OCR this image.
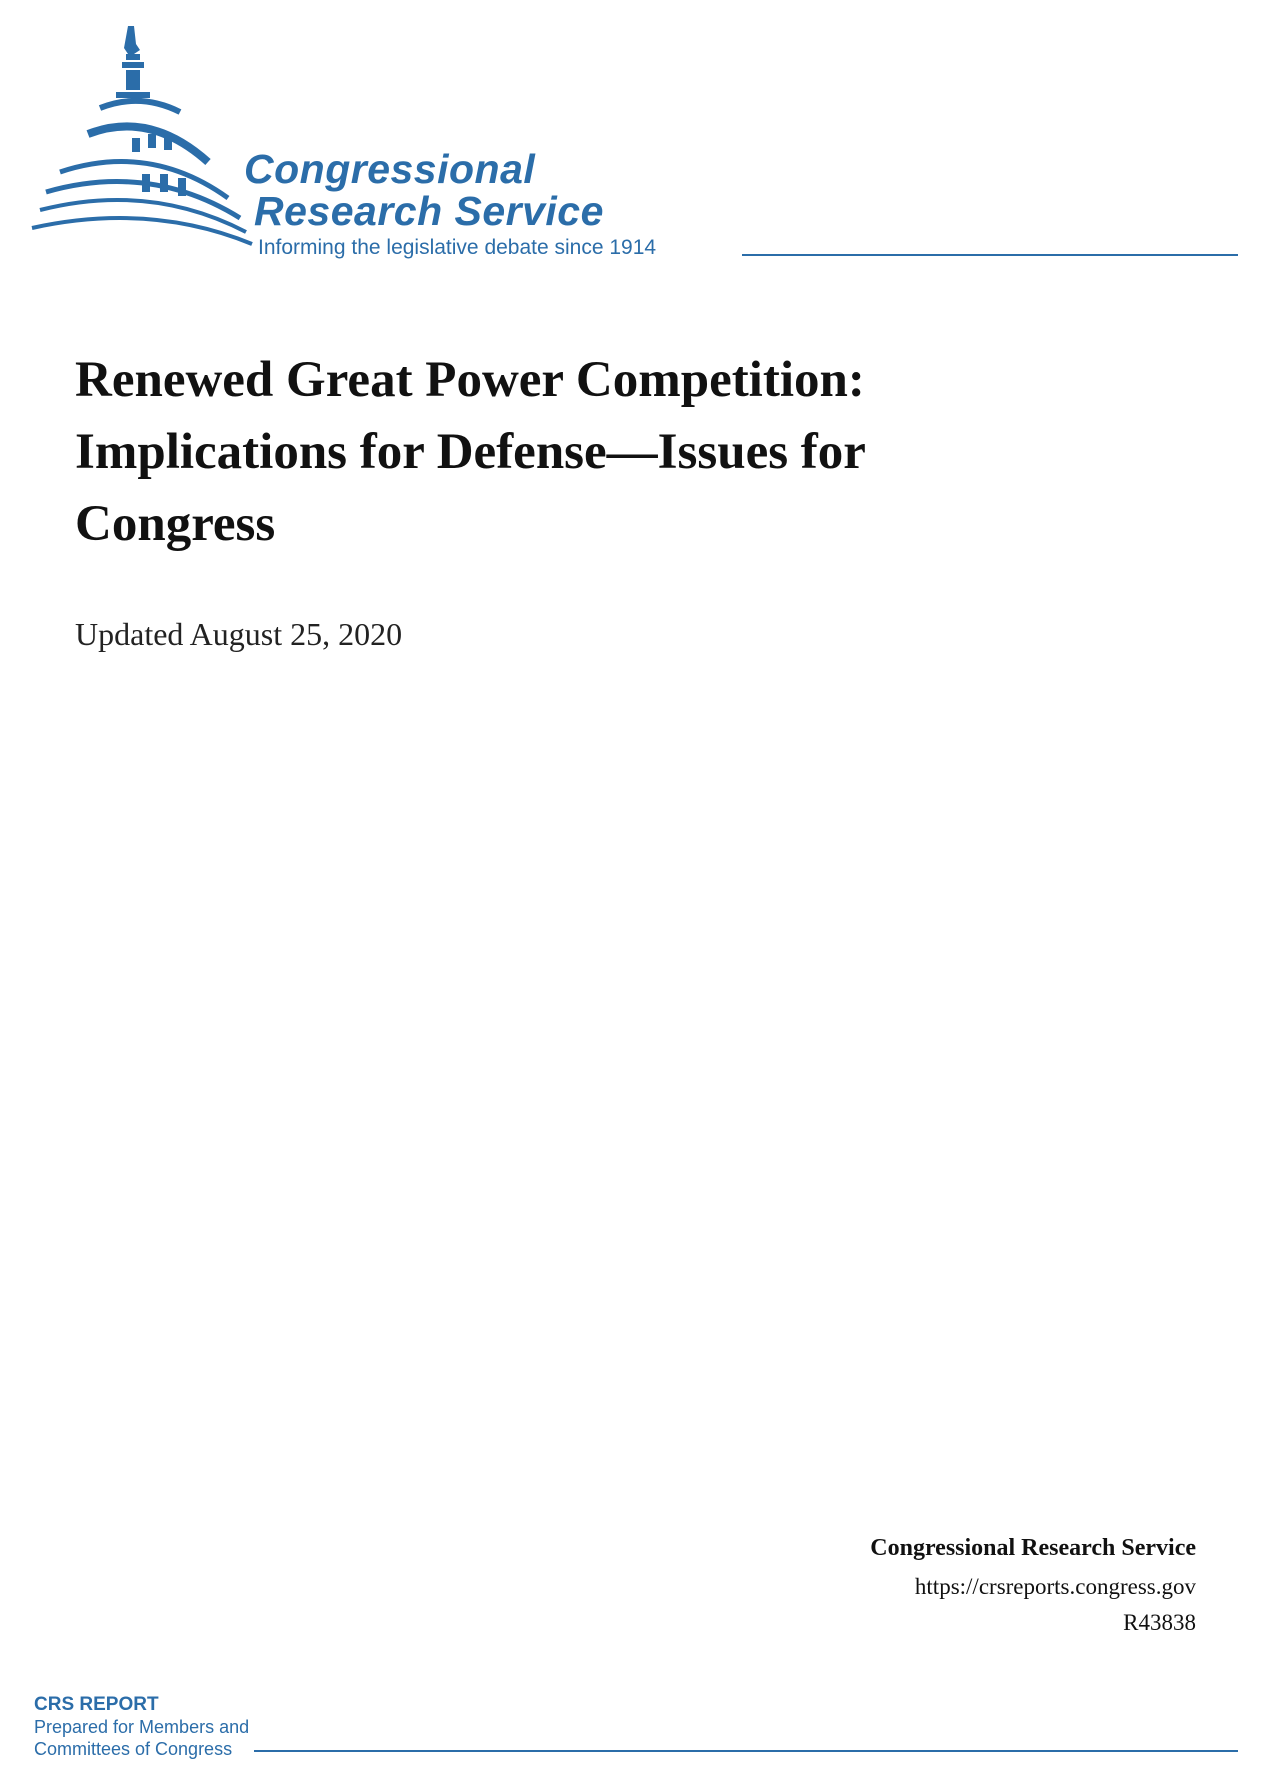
Congressional
Research Service
Informing the legislative debate since 1914
Renewed Great Power Competition: Implications for Defense—Issues for Congress
Updated August 25, 2020
Congressional Research Service
https://crsreports.congress.gov
R43838
CRS REPORT
Prepared for Members and
Committees of Congress
